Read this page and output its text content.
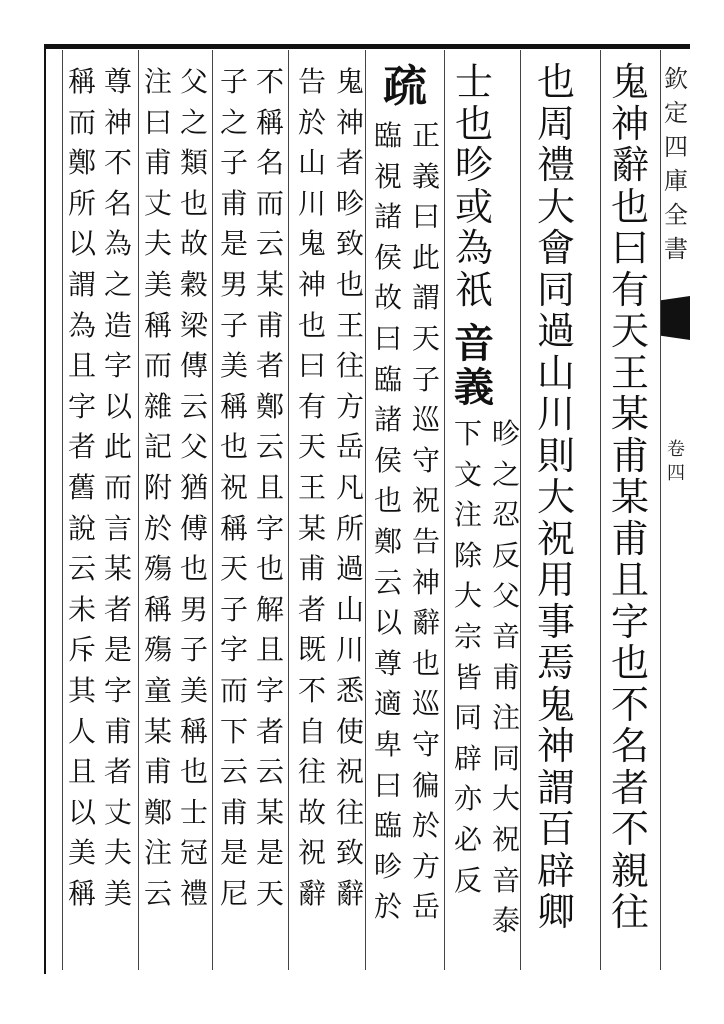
欽定四庫全書
卷四
鬼神辭也曰有天王某甫某甫且字也不名者不親往
也周禮大會同過山川則大祝用事焉鬼神謂百辟卿
士也昣或為祇
音義
昣之忍反父音甫注同大祝音泰
下文注除大宗皆同辟亦必反
疏
正義曰此謂天子巡守祝告神辭也巡守徧於方岳
臨視諸侯故曰臨諸侯也鄭云以尊適卑曰臨昣於
鬼神者昣致也王往方岳凡所過山川悉使祝往致辭
告於山川鬼神也曰有天王某甫者既不自往故祝辭
不稱名而云某甫者鄭云且字也解且字者云某是天
子之子甫是男子美稱也祝稱天子字而下云甫是尼
父之類也故穀梁傳云父猶傅也男子美稱也士冠禮
注曰甫丈夫美稱而雜記附於殤稱殤童某甫鄭注云
尊神不名為之造字以此而言某者是字甫者丈夫美
稱而鄭所以謂為且字者舊說云未斥其人且以美稱
